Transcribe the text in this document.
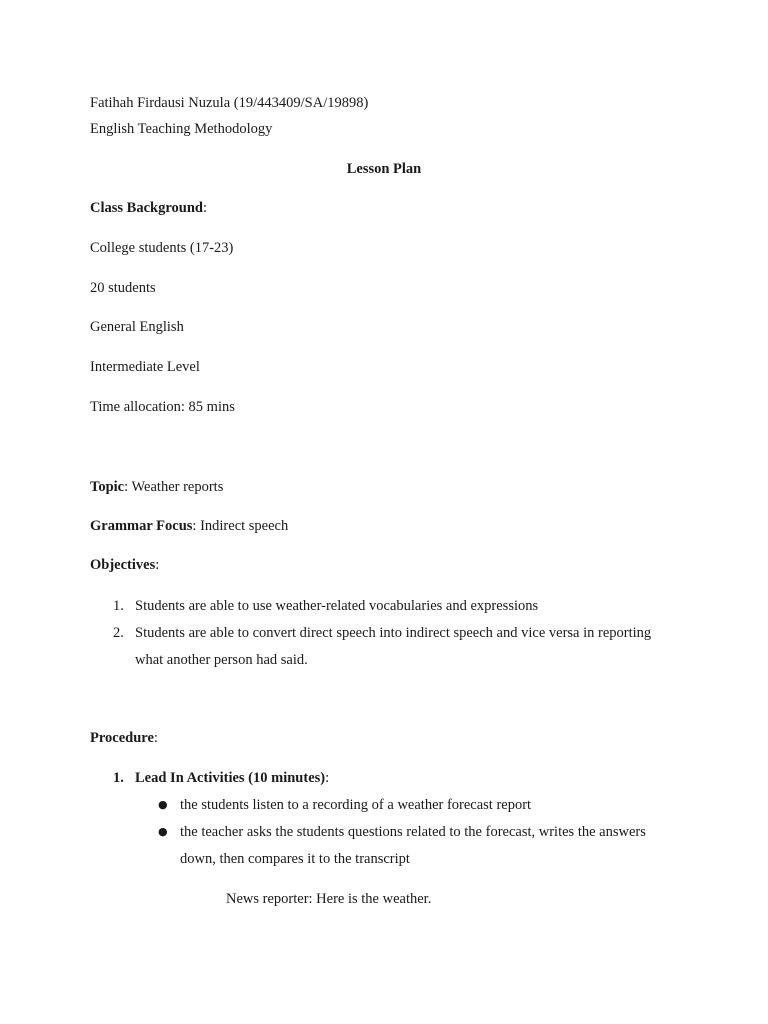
Fatihah Firdausi Nuzula (19/443409/SA/19898)
English Teaching Methodology
Lesson Plan
Class Background:
College students (17-23)
20 students
General English
Intermediate Level
Time allocation: 85 mins
Topic: Weather reports
Grammar Focus: Indirect speech
Objectives:
1. Students are able to use weather-related vocabularies and expressions
2. Students are able to convert direct speech into indirect speech and vice versa in reporting
what another person had said.
Procedure:
1. Lead In Activities (10 minutes):
● the students listen to a recording of a weather forecast report
● the teacher asks the students questions related to the forecast, writes the answers
down, then compares it to the transcript
News reporter: Here is the weather.
